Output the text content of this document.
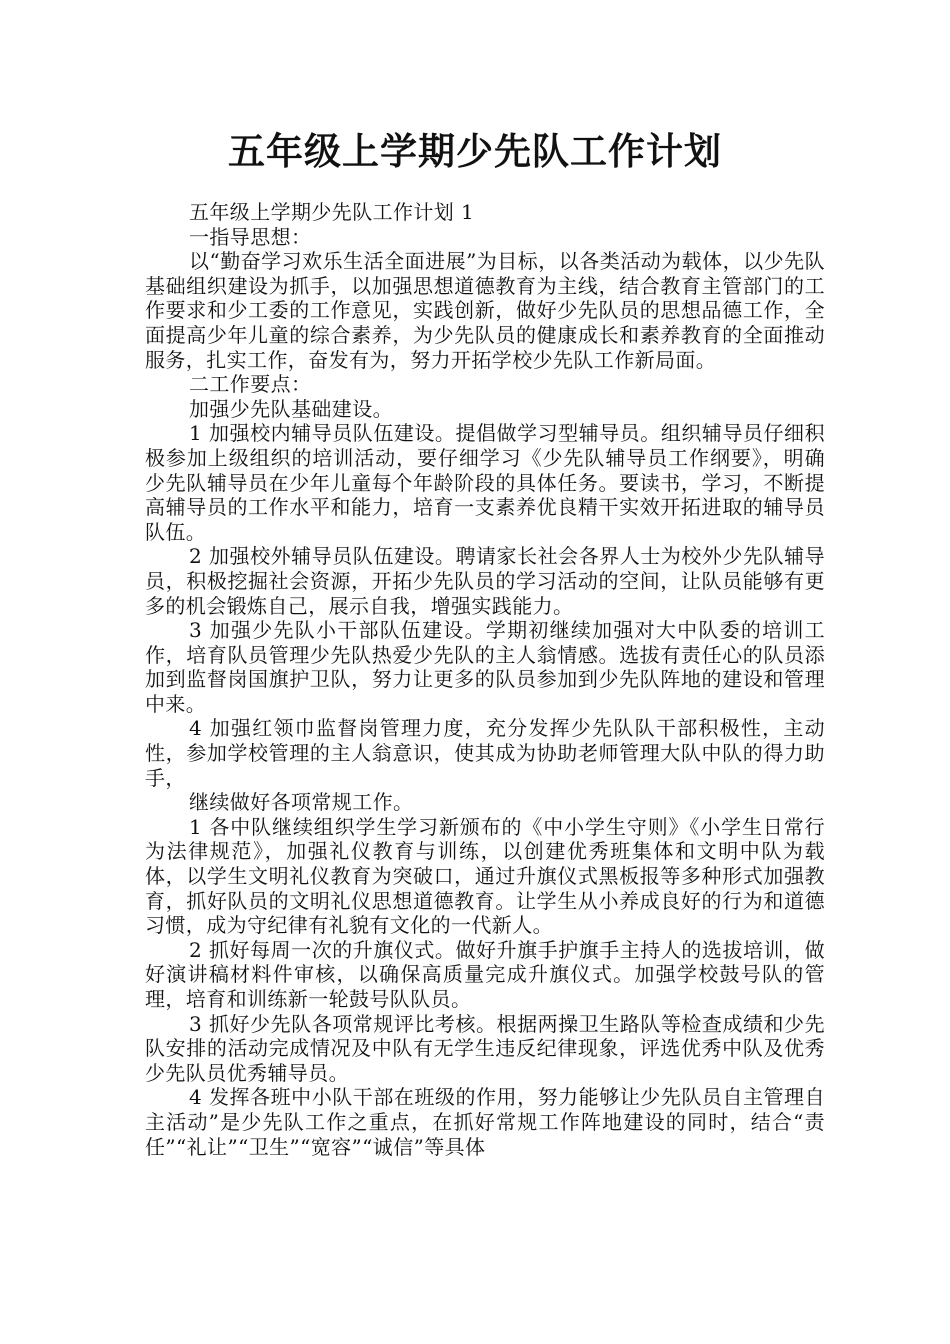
五年级上学期少先队工作计划

五年级上学期少先队工作计划 1

一指导思想：

以“勤奋学习欢乐生活全面进展”为目标，以各类活动为载体，以少先队基础组织建设为抓手，以加强思想道德教育为主线，结合教育主管部门的工作要求和少工委的工作意见，实践创新，做好少先队员的思想品德工作，全面提高少年儿童的综合素养，为少先队员的健康成长和素养教育的全面推动服务，扎实工作，奋发有为，努力开拓学校少先队工作新局面。

二工作要点：

加强少先队基础建设。

1 加强校内辅导员队伍建设。提倡做学习型辅导员。组织辅导员仔细积极参加上级组织的培训活动，要仔细学习《少先队辅导员工作纲要》，明确少先队辅导员在少年儿童每个年龄阶段的具体任务。要读书，学习，不断提高辅导员的工作水平和能力，培育一支素养优良精干实效开拓进取的辅导员队伍。

2 加强校外辅导员队伍建设。聘请家长社会各界人士为校外少先队辅导员，积极挖掘社会资源，开拓少先队员的学习活动的空间，让队员能够有更多的机会锻炼自己，展示自我，增强实践能力。

3 加强少先队小干部队伍建设。学期初继续加强对大中队委的培训工作，培育队员管理少先队热爱少先队的主人翁情感。选拔有责任心的队员添加到监督岗国旗护卫队，努力让更多的队员参加到少先队阵地的建设和管理中来。

4 加强红领巾监督岗管理力度，充分发挥少先队队干部积极性，主动性，参加学校管理的主人翁意识，使其成为协助老师管理大队中队的得力助手，

继续做好各项常规工作。

1 各中队继续组织学生学习新颁布的《中小学生守则》《小学生日常行为法律规范》，加强礼仪教育与训练，以创建优秀班集体和文明中队为载体，以学生文明礼仪教育为突破口，通过升旗仪式黑板报等多种形式加强教育，抓好队员的文明礼仪思想道德教育。让学生从小养成良好的行为和道德习惯，成为守纪律有礼貌有文化的一代新人。

2 抓好每周一次的升旗仪式。做好升旗手护旗手主持人的选拔培训，做好演讲稿材料件审核，以确保高质量完成升旗仪式。加强学校鼓号队的管理，培育和训练新一轮鼓号队队员。

3 抓好少先队各项常规评比考核。根据两操卫生路队等检查成绩和少先队安排的活动完成情况及中队有无学生违反纪律现象，评选优秀中队及优秀少先队员优秀辅导员。

4 发挥各班中小队干部在班级的作用，努力能够让少先队员自主管理自主活动”是少先队工作之重点，在抓好常规工作阵地建设的同时，结合“责任”“礼让”“卫生”“宽容”“诚信”等具体
